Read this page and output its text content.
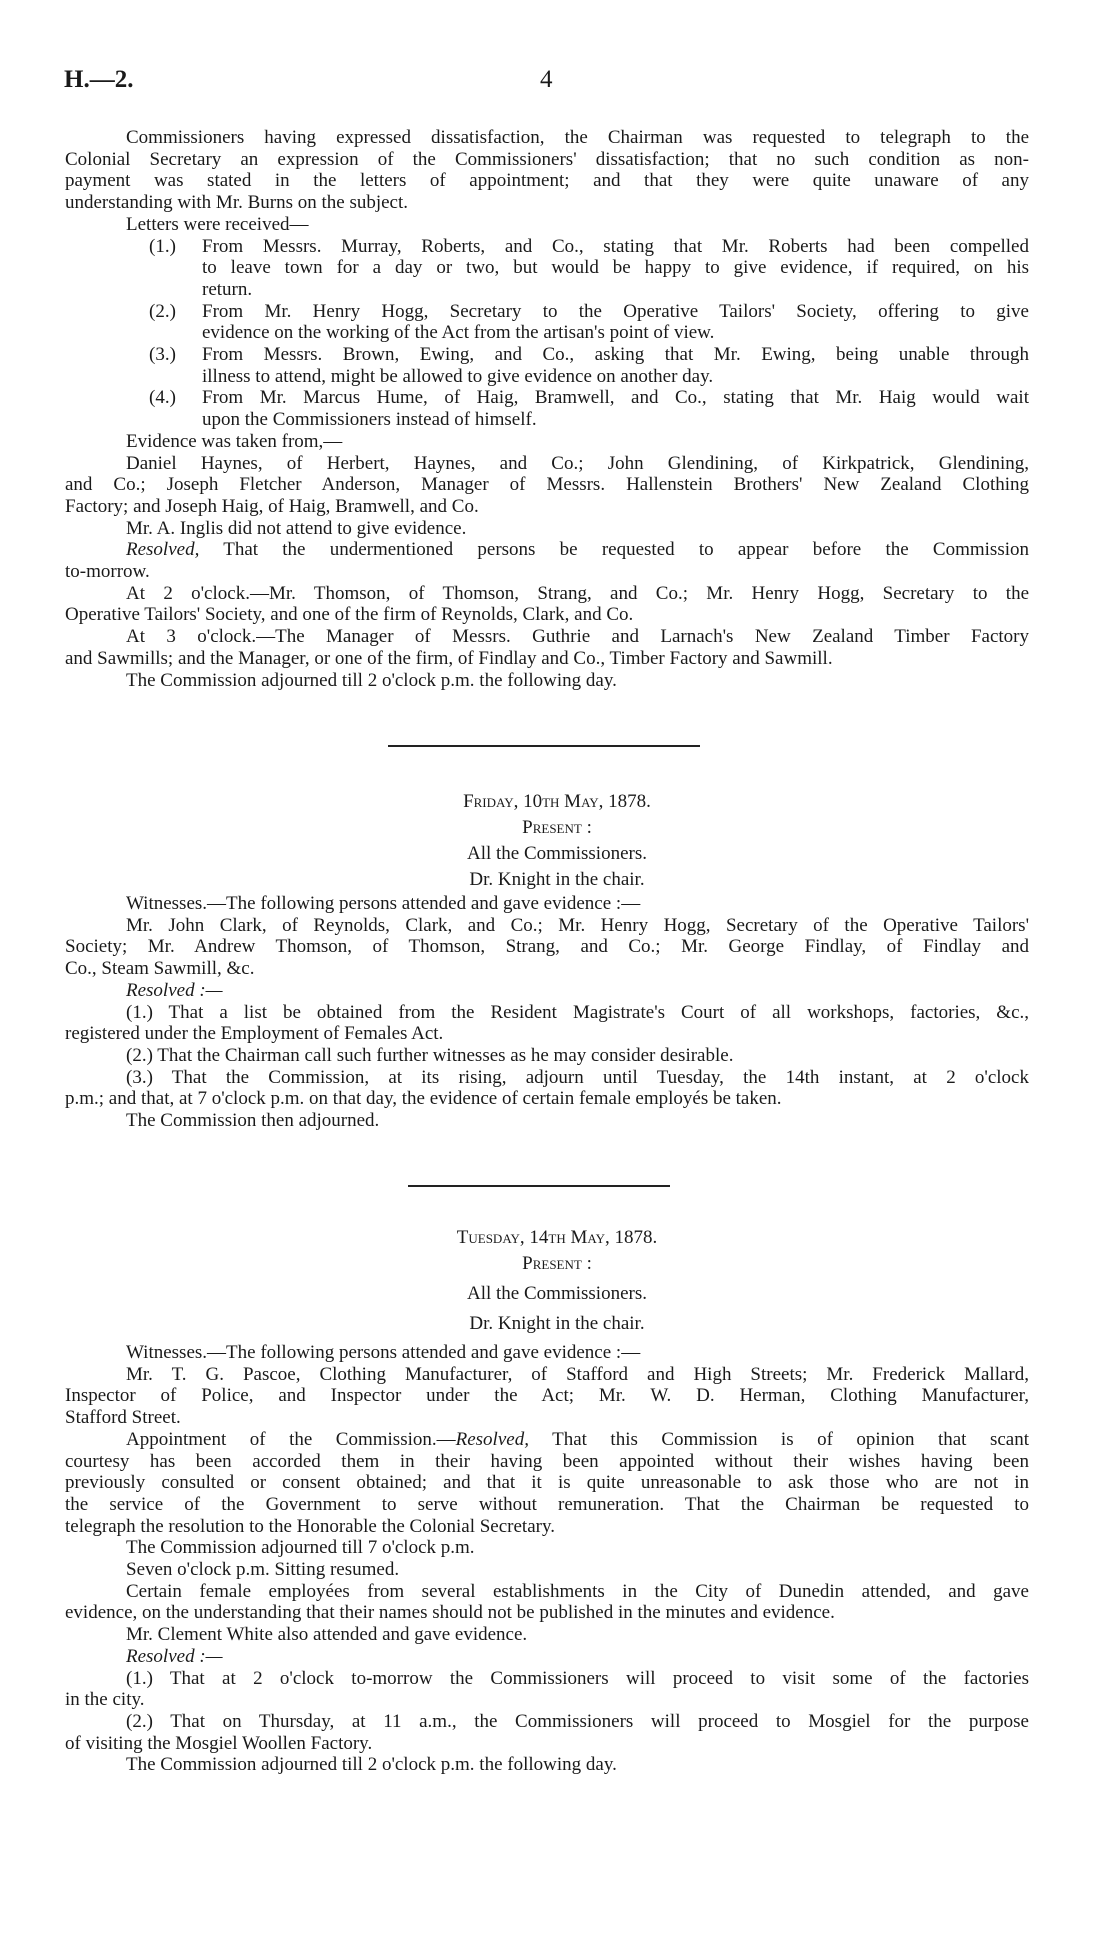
H.—2.	4
Commissioners having expressed dissatisfaction, the Chairman was requested to telegraph to the
Colonial Secretary an expression of the Commissioners' dissatisfaction; that no such condition as non-
payment was stated in the letters of appointment; and that they were quite unaware of any
understanding with Mr. Burns on the subject.
Letters were received—
(1.) From Messrs. Murray, Roberts, and Co., stating that Mr. Roberts had been compelled
to leave town for a day or two, but would be happy to give evidence, if required, on his
return.
(2.) From Mr. Henry Hogg, Secretary to the Operative Tailors' Society, offering to give
evidence on the working of the Act from the artisan's point of view.
(3.) From Messrs. Brown, Ewing, and Co., asking that Mr. Ewing, being unable through
illness to attend, might be allowed to give evidence on another day.
(4.) From Mr. Marcus Hume, of Haig, Bramwell, and Co., stating that Mr. Haig would wait
upon the Commissioners instead of himself.
Evidence was taken from,—
Daniel Haynes, of Herbert, Haynes, and Co.; John Glendining, of Kirkpatrick, Glendining,
and Co.; Joseph Fletcher Anderson, Manager of Messrs. Hallenstein Brothers' New Zealand Clothing
Factory; and Joseph Haig, of Haig, Bramwell, and Co.
Mr. A. Inglis did not attend to give evidence.
Resolved, That the undermentioned persons be requested to appear before the Commission
to-morrow.
At 2 o'clock.—Mr. Thomson, of Thomson, Strang, and Co.; Mr. Henry Hogg, Secretary to the
Operative Tailors' Society, and one of the firm of Reynolds, Clark, and Co.
At 3 o'clock.—The Manager of Messrs. Guthrie and Larnach's New Zealand Timber Factory
and Sawmills; and the Manager, or one of the firm, of Findlay and Co., Timber Factory and Sawmill.
The Commission adjourned till 2 o'clock p.m. the following day.
Friday, 10th May, 1878.
Present :
All the Commissioners.
Dr. Knight in the chair.
Witnesses.—The following persons attended and gave evidence :—
Mr. John Clark, of Reynolds, Clark, and Co.; Mr. Henry Hogg, Secretary of the Operative Tailors'
Society; Mr. Andrew Thomson, of Thomson, Strang, and Co.; Mr. George Findlay, of Findlay and
Co., Steam Sawmill, &c.
Resolved :—
(1.) That a list be obtained from the Resident Magistrate's Court of all workshops, factories, &c.,
registered under the Employment of Females Act.
(2.) That the Chairman call such further witnesses as he may consider desirable.
(3.) That the Commission, at its rising, adjourn until Tuesday, the 14th instant, at 2 o'clock
p.m.; and that, at 7 o'clock p.m. on that day, the evidence of certain female employés be taken.
The Commission then adjourned.
Tuesday, 14th May, 1878.
Present :
All the Commissioners.
Dr. Knight in the chair.
Witnesses.—The following persons attended and gave evidence :—
Mr. T. G. Pascoe, Clothing Manufacturer, of Stafford and High Streets; Mr. Frederick Mallard,
Inspector of Police, and Inspector under the Act; Mr. W. D. Herman, Clothing Manufacturer,
Stafford Street.
Appointment of the Commission.—Resolved, That this Commission is of opinion that scant
courtesy has been accorded them in their having been appointed without their wishes having been
previously consulted or consent obtained; and that it is quite unreasonable to ask those who are not in
the service of the Government to serve without remuneration. That the Chairman be requested to
telegraph the resolution to the Honorable the Colonial Secretary.
The Commission adjourned till 7 o'clock p.m.
Seven o'clock p.m. Sitting resumed.
Certain female employées from several establishments in the City of Dunedin attended, and gave
evidence, on the understanding that their names should not be published in the minutes and evidence.
Mr. Clement White also attended and gave evidence.
Resolved :—
(1.) That at 2 o'clock to-morrow the Commissioners will proceed to visit some of the factories
in the city.
(2.) That on Thursday, at 11 a.m., the Commissioners will proceed to Mosgiel for the purpose
of visiting the Mosgiel Woollen Factory.
The Commission adjourned till 2 o'clock p.m. the following day.
